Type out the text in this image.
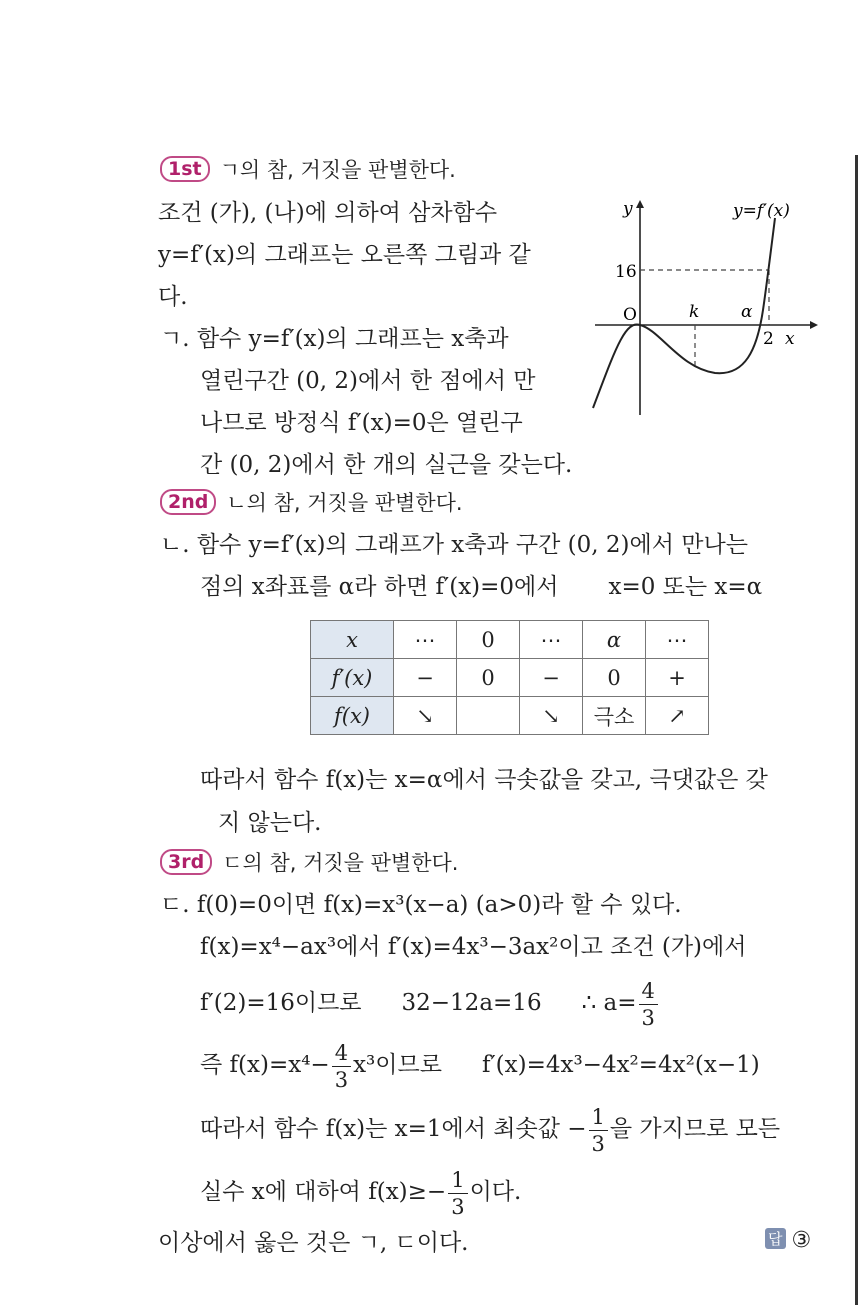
1st ㄱ의 참, 거짓을 판별한다.
조건 (가), (나)에 의하여 삼차함수
y=f′(x)의 그래프는 오른쪽 그림과 같
다.
ㄱ. 함수 y=f′(x)의 그래프는 x축과
열린구간 (0, 2)에서 한 점에서 만
나므로 방정식 f′(x)=0은 열린구
간 (0, 2)에서 한 개의 실근을 갖는다.
y	y=f′(x)
16
O	k α
2 x
2nd ㄴ의 참, 거짓을 판별한다.
ㄴ. 함수 y=f′(x)의 그래프가 x축과 구간 (0, 2)에서 만나는
점의 x좌표를 α라 하면 f′(x)=0에서 x=0 또는 x=α
x	⋯	0	⋯	α	⋯
f′(x)	−	0	−	0	+
f(x)	↘		↘	극소	↗
따라서 함수 f(x)는 x=α에서 극솟값을 갖고, 극댓값은 갖
지 않는다.
3rd ㄷ의 참, 거짓을 판별한다.
ㄷ. f(0)=0이면 f(x)=x³(x−a) (a>0)라 할 수 있다.
f(x)=x⁴−ax³에서 f′(x)=4x³−3ax²이고 조건 (가)에서
f′(2)=16이므로 32−12a=16 ∴ $a= \frac{4}{3}$
즉 $f(x)=x^4- \frac{4}{3} x^3$이므로 f′(x)=4x³−4x²=4x²(x−1)
따라서 함수 f(x)는 x=1에서 최솟값 − $\frac{1}{3}$ 을 가지므로 모든
실수 x에 대하여 $f(x)\ge- \frac{1}{3}$ 이다.
이상에서 옳은 것은 ㄱ, ㄷ이다.	답 ③
